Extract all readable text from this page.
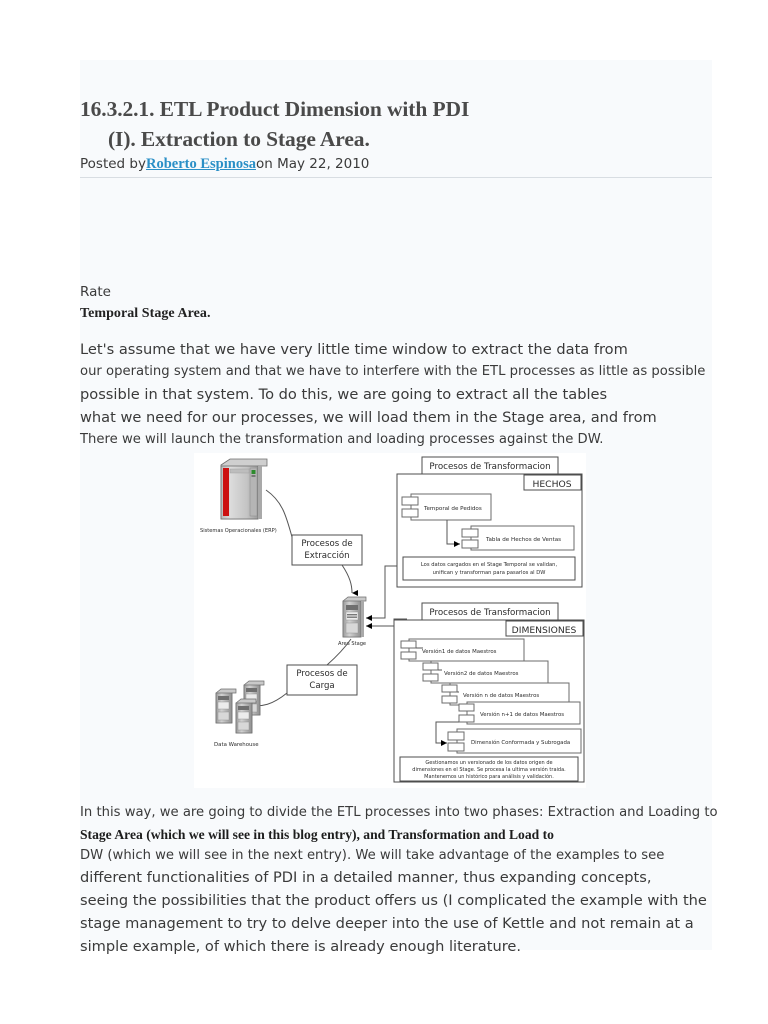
16.3.2.1. ETL Product Dimension with PDI
(I). Extraction to Stage Area.
Posted byRoberto Espinosaon May 22, 2010
Rate
Temporal Stage Area.
Let's assume that we have very little time window to extract the data from
our operating system and that we have to interfere with the ETL processes as little as possible
possible in that system. To do this, we are going to extract all the tables
what we need for our processes, we will load them in the Stage area, and from
There we will launch the transformation and loading processes against the DW.
Sistemas Operacionales (ERP)
Procesos de
Extracción
Area Stage
Procesos de
Carga
Data Warehouse
Procesos de Transformacion
HECHOS
Temporal de Pedidos
Tabla de Hechos de Ventas
Los datos cargados en el Stage Temporal se validan,
unifican y transforman para pasarlos al DW
Procesos de Transformacion
DIMENSIONES
Versión1 de datos Maestros
Versión2 de datos Maestros
Versión n de datos Maestros
Versión n+1 de datos Maestros
Dimensión Conformada y Subrogada
Gestionamos un versionado de los datos origen de
dimensiones en el Stage. Se procesa la ultima versión traida.
Mantenemos un histórico para análisis y validación.
In this way, we are going to divide the ETL processes into two phases: Extraction and Loading to
Stage Area (which we will see in this blog entry), and Transformation and Load to
DW (which we will see in the next entry). We will take advantage of the examples to see
different functionalities of PDI in a detailed manner, thus expanding concepts,
seeing the possibilities that the product offers us (I complicated the example with the
stage management to try to delve deeper into the use of Kettle and not remain at a
simple example, of which there is already enough literature.
